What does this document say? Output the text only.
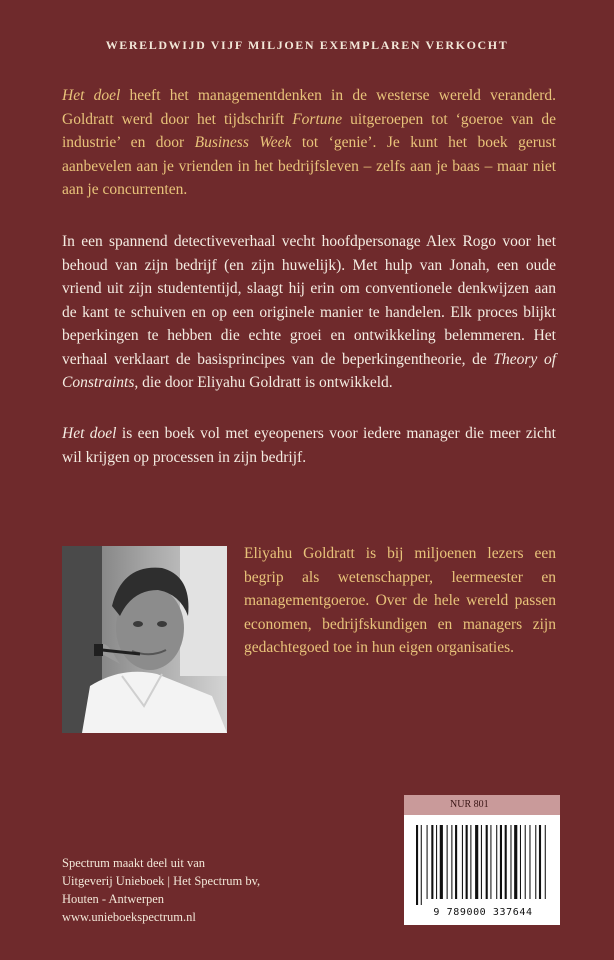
WERELDWIJD VIJF MILJOEN EXEMPLAREN VERKOCHT

Het doel heeft het managementdenken in de westerse wereld veranderd. Goldratt werd door het tijdschrift Fortune uitgeroepen tot ‘goeroe van de industrie’ en door Business Week tot ‘genie’. Je kunt het boek gerust aanbevelen aan je vrienden in het bedrijfsleven – zelfs aan je baas – maar niet aan je concurrenten.

In een spannend detectiveverhaal vecht hoofdpersonage Alex Rogo voor het behoud van zijn bedrijf (en zijn huwelijk). Met hulp van Jonah, een oude vriend uit zijn studententijd, slaagt hij erin om conventionele denkwijzen aan de kant te schuiven en op een originele manier te handelen. Elk proces blijkt beperkingen te hebben die echte groei en ontwikkeling belemmeren. Het verhaal verklaart de basisprincipes van de beperkingentheorie, de Theory of Constraints, die door Eliyahu Goldratt is ontwikkeld.

Het doel is een boek vol met eyeopeners voor iedere manager die meer zicht wil krijgen op processen in zijn bedrijf.

Eliyahu Goldratt is bij miljoenen lezers een begrip als wetenschapper, leermeester en managementgoeroe. Over de hele wereld passen economen, bedrijfskundigen en managers zijn gedachtegoed toe in hun eigen organisaties.

Spectrum maakt deel uit van
Uitgeverij Unieboek | Het Spectrum bv,
Houten - Antwerpen
www.unieboekspectrum.nl
NUR 801
9 789000 337644
